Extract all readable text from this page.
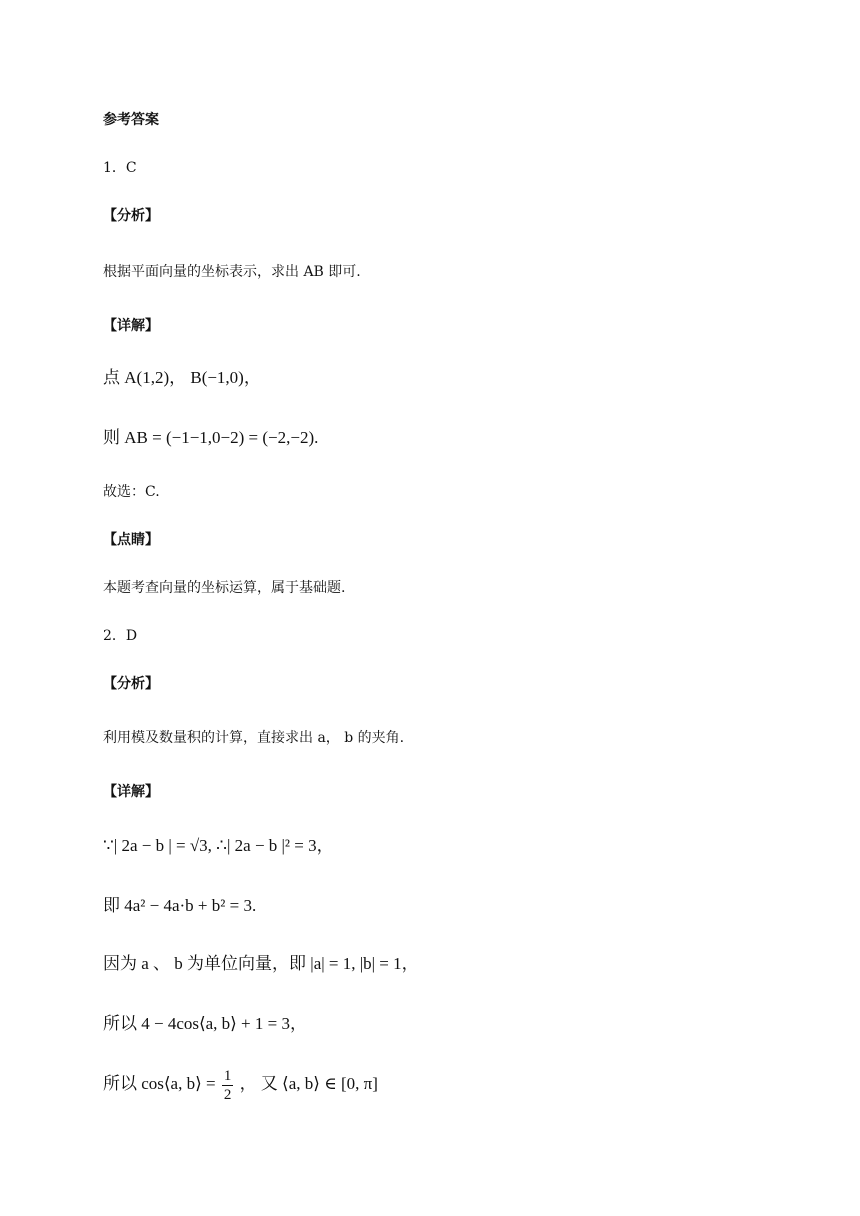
参考答案
1．C
【分析】
根据平面向量的坐标表示，求出 AB 即可.
【详解】
点 A(1,2)， B(−1,0)，
则 AB = (−1−1,0−2) = (−2,−2).
故选：C.
【点睛】
本题考查向量的坐标运算，属于基础题.
2．D
【分析】
利用模及数量积的计算，直接求出 a， b 的夹角.
【详解】
∵| 2a − b | = √3, ∴| 2a − b |² = 3，
即 4a² − 4a·b + b² = 3.
因为 a 、 b 为单位向量，即 |a| = 1, |b| = 1，
所以 4 − 4cos⟨a, b⟩ + 1 = 3，
所以 cos⟨a, b⟩ = $\frac{1}{2}$ ， 又 ⟨a, b⟩ ∈ [0, π]
